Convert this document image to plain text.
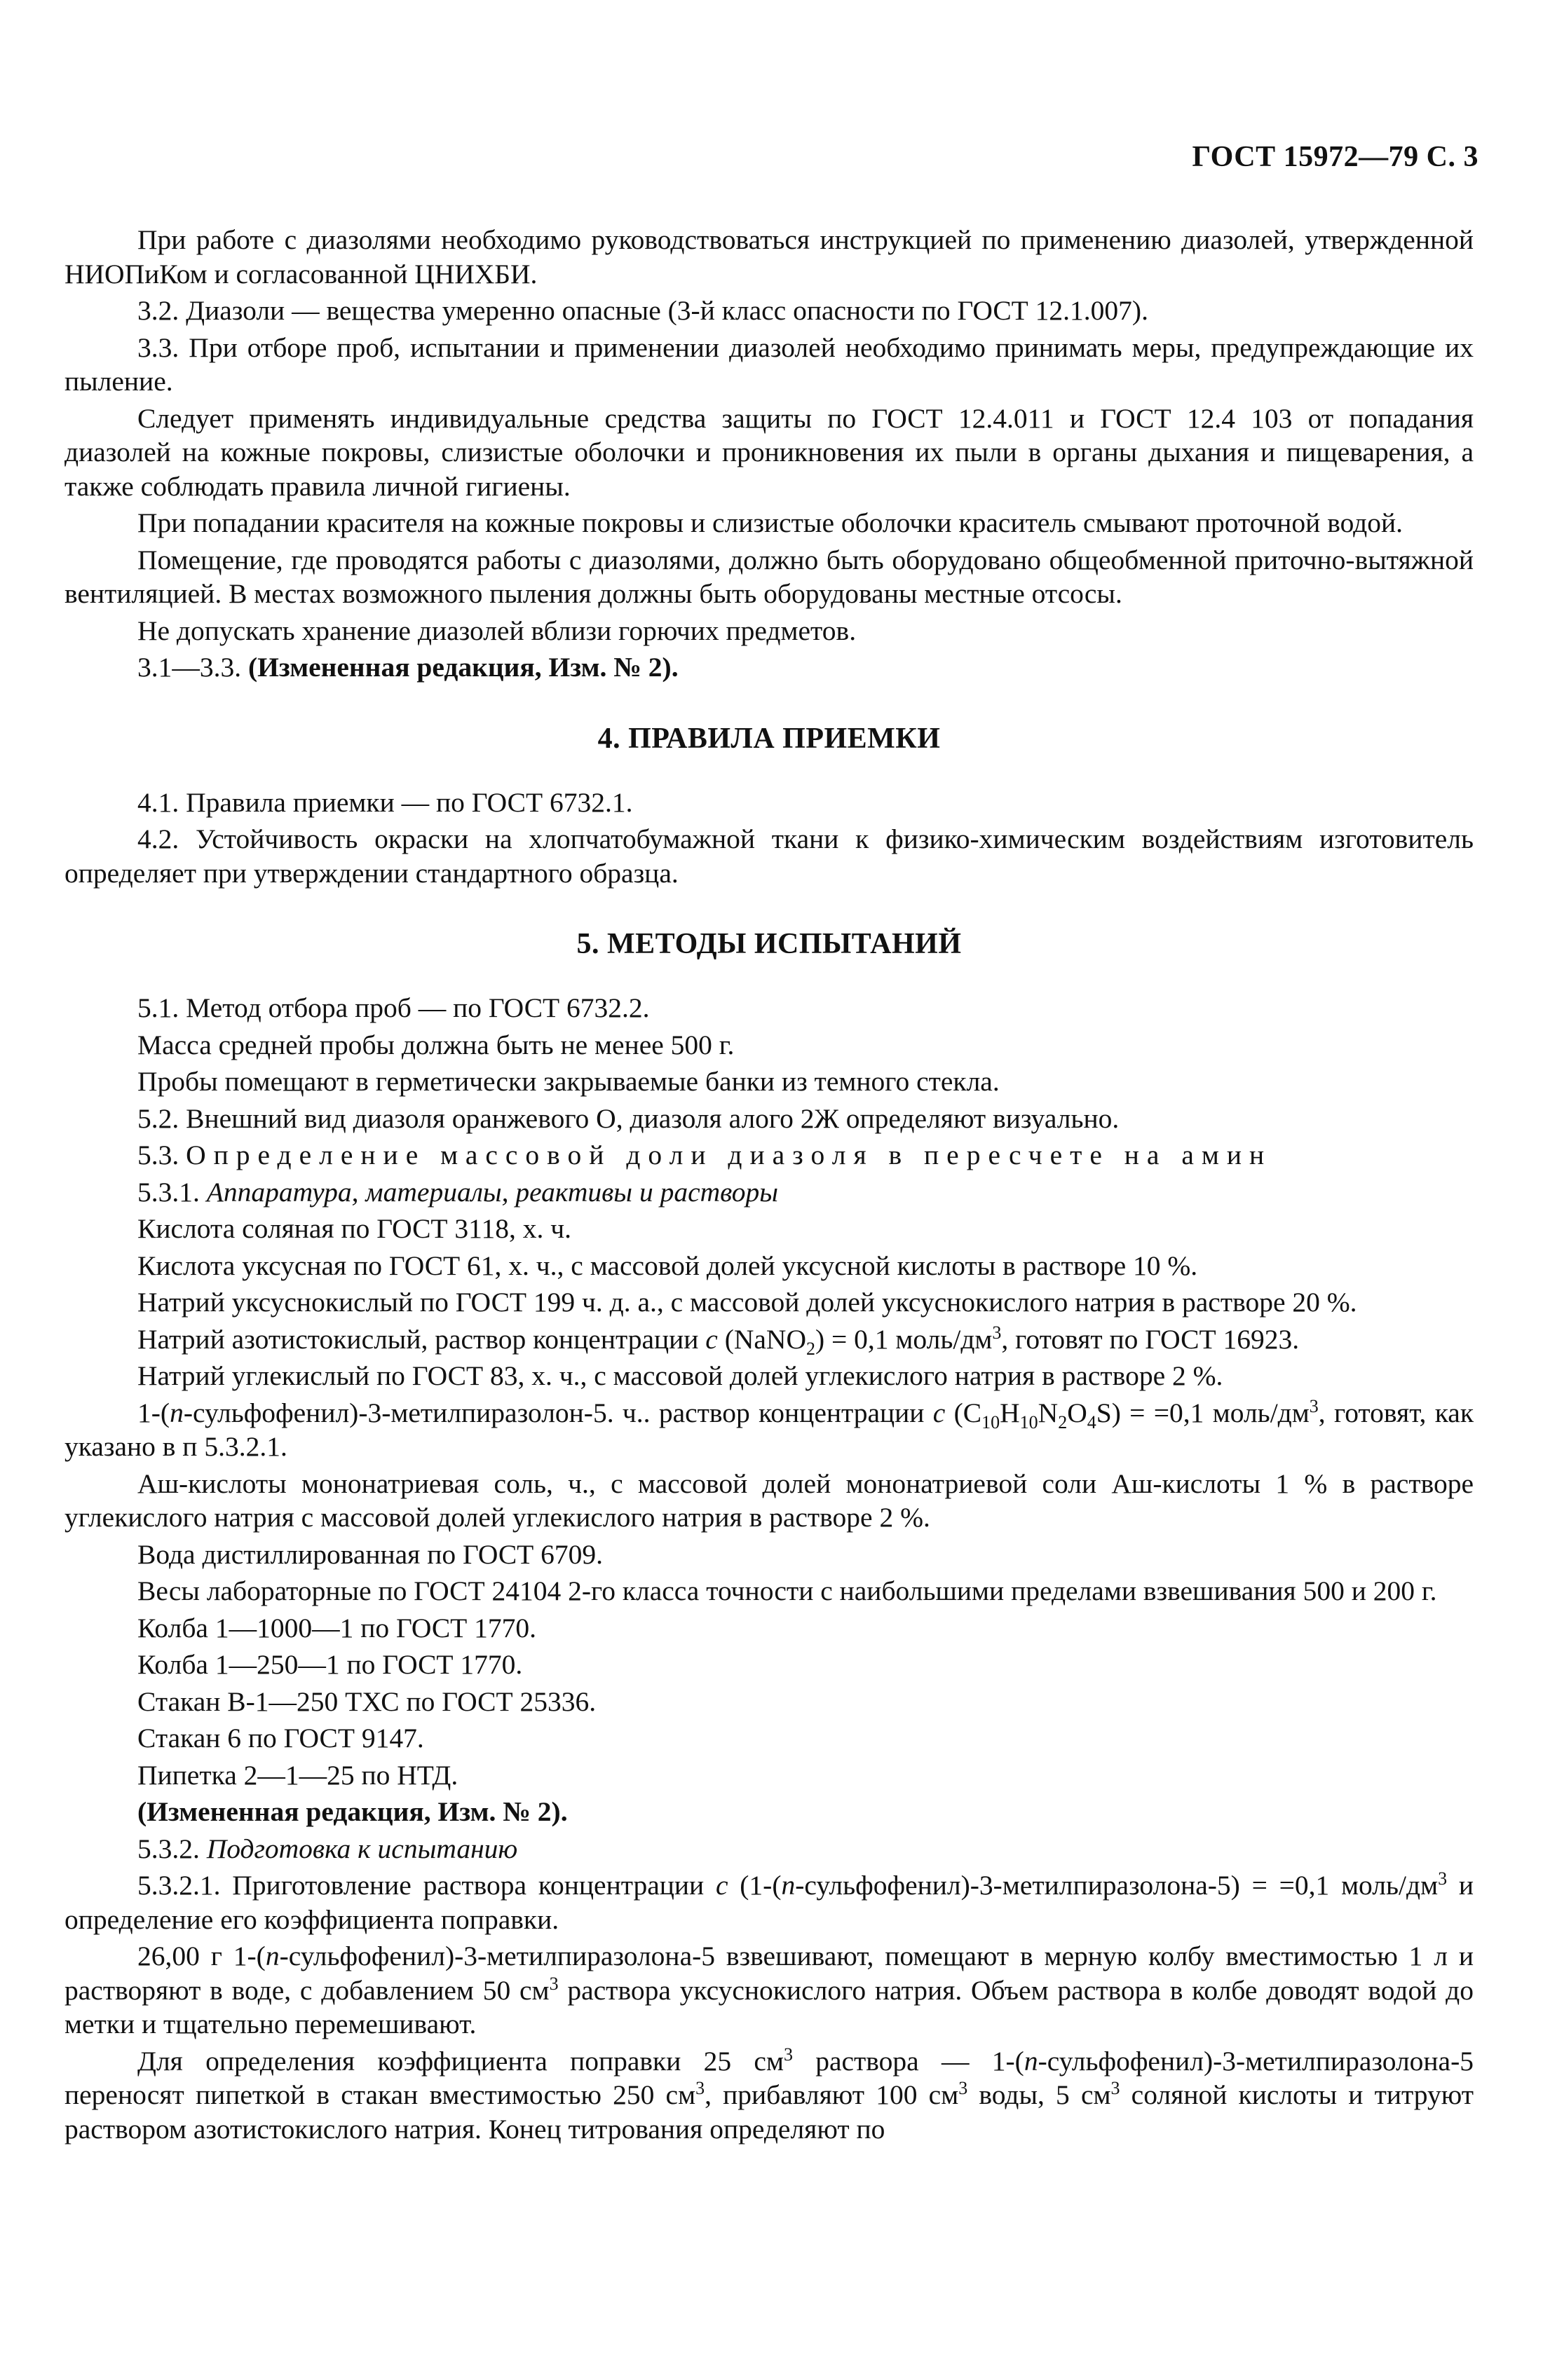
ГОСТ 15972—79 С. 3

При работе с диазолями необходимо руководствоваться инструкцией по применению диазолей, утвержденной НИОПиКом и согласованной ЦНИХБИ.

3.2. Диазоли — вещества умеренно опасные (3-й класс опасности по ГОСТ 12.1.007).

3.3. При отборе проб, испытании и применении диазолей необходимо принимать меры, предупреждающие их пыление.

Следует применять индивидуальные средства защиты по ГОСТ 12.4.011 и ГОСТ 12.4 103 от попадания диазолей на кожные покровы, слизистые оболочки и проникновения их пыли в органы дыхания и пищеварения, а также соблюдать правила личной гигиены.

При попадании красителя на кожные покровы и слизистые оболочки краситель смывают проточной водой.

Помещение, где проводятся работы с диазолями, должно быть оборудовано общеобменной приточно-вытяжной вентиляцией. В местах возможного пыления должны быть оборудованы местные отсосы.

Не допускать хранение диазолей вблизи горючих предметов.

3.1—3.3. (Измененная редакция, Изм. № 2).

4. ПРАВИЛА ПРИЕМКИ

4.1. Правила приемки — по ГОСТ 6732.1.

4.2. Устойчивость окраски на хлопчатобумажной ткани к физико-химическим воздействиям изготовитель определяет при утверждении стандартного образца.

5. МЕТОДЫ ИСПЫТАНИЙ

5.1. Метод отбора проб — по ГОСТ 6732.2.

Масса средней пробы должна быть не менее 500 г.

Пробы помещают в герметически закрываемые банки из темного стекла.

5.2. Внешний вид диазоля оранжевого О, диазоля алого 2Ж определяют визуально.

5.3. Определение массовой доли диазоля в пересчете на амин

5.3.1. Аппаратура, материалы, реактивы и растворы

Кислота соляная по ГОСТ 3118, х. ч.

Кислота уксусная по ГОСТ 61, х. ч., с массовой долей уксусной кислоты в растворе 10 %.

Натрий уксуснокислый по ГОСТ 199 ч. д. а., с массовой долей уксуснокислого натрия в растворе 20 %.

Натрий азотистокислый, раствор концентрации с (NaNO$_2$) = 0,1 моль/$дм^3$, готовят по ГОСТ 16923.

Натрий углекислый по ГОСТ 83, х. ч., с массовой долей углекислого натрия в растворе 2 %.

1-(п-сульфофенил)-3-метилпиразолон-5. ч.. раствор концентрации с $(C_{10}H_{10}N_2O_4S) = =0,1$ моль/$дм^3$, готовят, как указано в п 5.3.2.1.

Аш-кислоты мононатриевая соль, ч., с массовой долей мононатриевой соли Аш-кислоты 1 % в растворе углекислого натрия с массовой долей углекислого натрия в растворе 2 %.

Вода дистиллированная по ГОСТ 6709.

Весы лабораторные по ГОСТ 24104 2-го класса точности с наибольшими пределами взвешивания 500 и 200 г.

Колба 1—1000—1 по ГОСТ 1770.

Колба 1—250—1 по ГОСТ 1770.

Стакан В-1—250 ТХС по ГОСТ 25336.

Стакан 6 по ГОСТ 9147.

Пипетка 2—1—25 по НТД.

(Измененная редакция, Изм. № 2).

5.3.2. Подготовка к испытанию

5.3.2.1. Приготовление раствора концентрации с (1-(п-сульфофенил)-3-метилпиразолона-5) = =0,1 моль/$дм^3$ и определение его коэффициента поправки.

26,00 г 1-(п-сульфофенил)-3-метилпиразолона-5 взвешивают, помещают в мерную колбу вместимостью 1 л и растворяют в воде, с добавлением 50 $см^3$ раствора уксуснокислого натрия. Объем раствора в колбе доводят водой до метки и тщательно перемешивают.

Для определения коэффициента поправки 25 $см^3$ раствора — 1-(п-сульфофенил)-3-метилпиразолона-5 переносят пипеткой в стакан вместимостью 250 $см^3$, прибавляют 100 $см^3$ воды, 5 $см^3$ соляной кислоты и титруют раствором азотистокислого натрия. Конец титрования определяют по
